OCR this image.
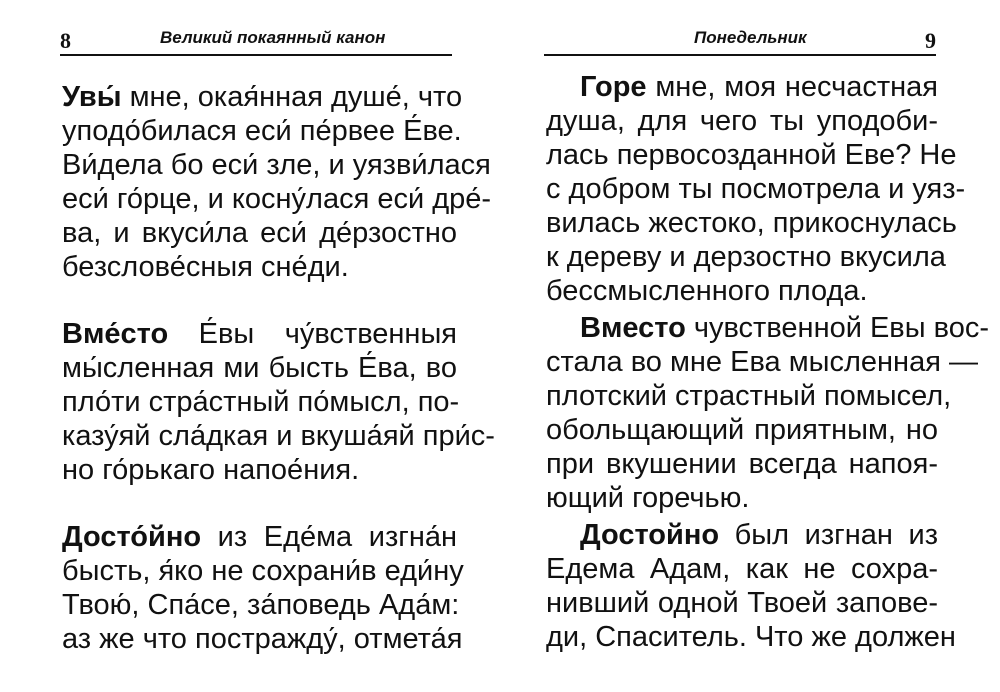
8	Великий покаянный канон
Увы́ мне, окая́нная душе́, что
уподо́билася еси́ пе́рвее Е́ве.
Ви́дела бо еси́ зле, и уязви́лася
еси́ го́рце, и косну́лася еси́ дре́-
ва, и вкуси́ла еси́ де́рзостно
безслове́сныя сне́ди.
Вме́сто Е́вы чу́вственныя
мы́сленная ми бысть Е́ва, во
пло́ти стра́стный по́мысл, по-
казу́яй сла́дкая и вкуша́яй при́с-
но го́рькаго напое́ния.
Досто́йно из Еде́ма изгна́н
бысть, я́ко не сохрани́в еди́ну
Твою́, Спа́се, за́поведь Ада́м:
аз же что постражду́, отмета́я
Понедельник	9
Горе мне, моя несчастная
душа, для чего ты уподоби-
лась первосозданной Еве? Не
с добром ты посмотрела и уяз-
вилась жестоко, прикоснулась
к дереву и дерзостно вкусила
бессмысленного плода.
Вместо чувственной Евы вос-
стала во мне Ева мысленная —
плотский страстный помысел,
обольщающий приятным, но
при вкушении всегда напоя-
ющий горечью.
Достойно был изгнан из
Едема Адам, как не сохра-
нивший одной Твоей запове-
ди, Спаситель. Что же должен
